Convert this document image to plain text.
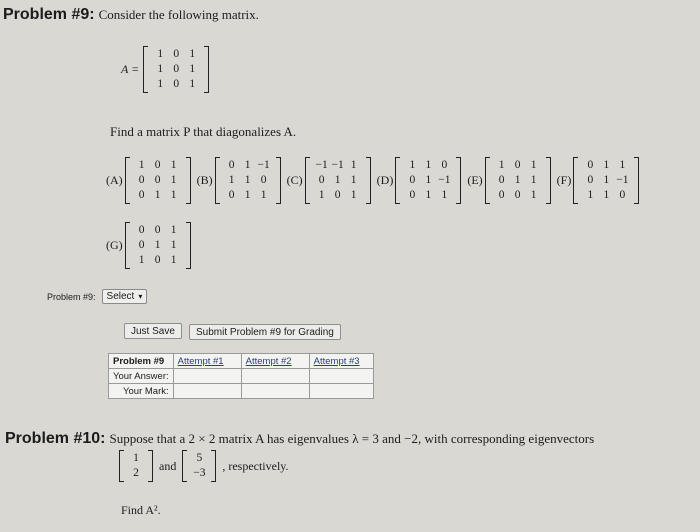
Problem #9: Consider the following matrix.
A =
1 0 1
1 0 1
1 0 1
Find a matrix P that diagonalizes A.
(A)
1 0 1
0 0 1
0 1 1
(B)
0 1 −1
1 1 0
0 1 1
(C)
−1 −1 1
0 1 1
1 0 1
(D)
1 1 0
0 1 −1
0 1 1
(E)
1 0 1
0 1 1
0 0 1
(F)
0 1 1
0 1 −1
1 1 0
(G)
0 0 1
0 1 1
1 0 1
Problem #9: Select ▾
Just Save	Submit Problem #9 for Grading
Problem #9	Attempt #1	Attempt #2	Attempt #3
Your Answer:			
Your Mark:			
Problem #10: Suppose that a 2 × 2 matrix A has eigenvalues λ = 3 and −2, with corresponding eigenvectors
1
2
and
5
−3
, respectively.
Find A².
